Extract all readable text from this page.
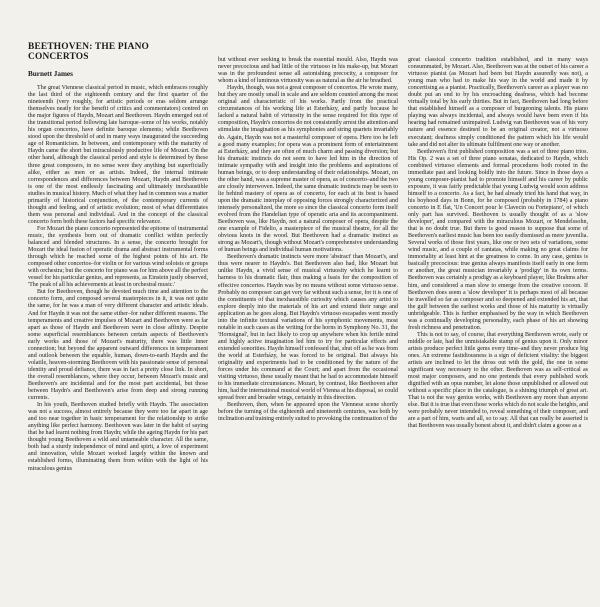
BEETHOVEN: THE PIANO CONCERTOS
Burnett James

The great Viennese classical period in music, which embraces roughly the last third of the eighteenth century and the first quarter of the nineteenth (very roughly, for artistic periods or eras seldom arrange themselves neatly for the benefit of critics and commentators) centred on the major figures of Haydn, Mozart and Beethoven. Haydn emerged out of the transitional period following late baroque–some of his works, notably his organ concertos, have definite baroque elements; while Beethoven stood upon the threshold of and in many ways inaugurated the succeeding age of Romanticism. In between, and contemporary with the maturity of Haydn came the short but miraculously productive life of Mozart. On the other hand, although the classical period and style is determined by these three great composers, in no sense were they anything but superficially alike, either as men or as artists. Indeed, the internal intimate correspondences and differences between Mozart, Haydn and Beethoven is one of the most endlessly fascinating and ultimately inexhaustible studies in musical history. Much of what they had in common was a matter primarily of historical conjunction, of the contemporary currents of thought and feeling, and of artistic evolution; most of what differentiates them was personal and individual. And in the concept of the classical concerto form both these factors had specific relevance.

For Mozart the piano concerto represented the epitome of instrumental music, the synthesis born out of dramatic conflict within perfectly balanced and blended structures. In a sense, the concerto brought for Mozart the ideal fusion of operatic drama and abstract instrumental forms through which he reached some of the highest points of his art. He composed other concertos–for violin or for various wind soloists or groups with orchestra; but the concerto for piano was for him above all the perfect vessel for his particular genius, and represents, as Einstein justly observed, 'The peak of all his achievements at least in orchestral music.'

But for Beethoven, though he devoted much time and attention to the concerto form, and composed several masterpieces in it, it was not quite the same, for he was a man of very different character and artistic ideals. And for Haydn it was not the same either–for rather different reasons. The temperaments and creative impulses of Mozart and Beethoven were as far apart as those of Haydn and Beethoven were in close affinity. Despite some superficial resemblances between certain aspects of Beethoven's early works and those of Mozart's maturity, there was little inner connection; but beyond the apparent outward differences in temperament and outlook between the equable, human, down-to-earth Haydn and the volatile, heaven-storming Beethoven with his passionate sense of personal identity and proud defiance, there was in fact a pretty close link. In short, the overall resemblances, where they occur, between Mozart's music and Beethoven's are incidental and for the most part accidental, but those between Haydn's and Beethoven's arise from deep and strong running currents.

In his youth, Beethoven studied briefly with Haydn. The association was not a success, almost entirely because they were too far apart in age and too near together in basic temperament for the relationship to strike anything like perfect harmony. Beethoven was later in the habit of saying that he had learnt nothing from Haydn; while the ageing Haydn for his part thought young Beethoven a wild and untameable character. All the same, both had a sturdy independence of mind and spirit, a love of experiment and innovation, while Mozart worked largely within the known and established forms, illuminating them from within with the light of his miraculous genius

but without ever seeking to break the essential mould. Also, Haydn was never precocious and had little of the virtuoso in his make-up, but Mozart was in the profoundest sense all astonishing precocity, a composer for whom a kind of luminous virtuosity was as natural as the air he breathed.

Haydn, though, was not a great composer of concertos. He wrote many, but they are mostly small in scale and are seldom counted among the most original and characteristic of his works. Partly from the practical circumstances of his working life at Esterházy, and partly because he lacked a natural habit of virtuosity in the sense required for this type of composition, Haydn's concertos do not consistently arrest the attention and stimulate the imagination as his symphonies and string quartets invariably do. Again, Haydn was not a masterful composer of opera. Here too he left a good many examples; for opera was a prominent form of entertainment at Esterházy, and they are often of much charm and passing diversion; but his dramatic instincts do not seem to have led him in the direction of intimate sympathy with and insight into the problems and aspirations of human beings, or to deep understanding of their relationships. Mozart, on the other hand, was a supreme master of opera, as of concerto–and the two are closely interwoven. Indeed, the same dramatic instincts may be seen to lie behind mastery of opera as of concerto, for each at its best is based upon the dramatic interplay of opposing forces strongly characterized and intensely personalized, the more so since the classical concerto form itself evolved from the Handelian type of operatic aria and its accompaniment. Beethoven was, like Haydn, not a natural composer of opera, despite the one example of Fidelio, a masterpiece of the musical theatre, for all the obvious knots in the wood. But Beethoven had a dramatic instinct as strong as Mozart's, though without Mozart's comprehensive understanding of human beings and individual human motivations.

Beethoven's dramatic instincts were more 'abstract' than Mozart's, and thus were nearer to Haydn's. But Beethoven also had, like Mozart but unlike Haydn, a vivid sense of musical virtuosity which he learnt to harness to his dramatic flair, thus making a basis for the composition of effective concertos. Haydn was by no means without some virtuoso sense. Probably no composer can get very far without such a sense, for it is one of the constituents of that inexhaustible curiosity which causes any artist to explore deeply into the materials of his art and extend their range and application as he goes along. But Haydn's virtuoso escapades went mostly into the infinite textural variations of his symphonic movements, most notable in such cases as the writing for the horns in Symphony No. 31, the 'Hornsignal', but in fact likely to crop up anywhere when his fertile mind and highly active imagination led him to try for particular effects and extended sonorities. Haydn himself confessed that, shut off as he was from the world at Esterházy, he was forced to be original. But always his originality and experiments had to be conditioned by the nature of the forces under his command at the Court; and apart from the occasional visiting virtuoso, these usually meant that he had to accommodate himself to his immediate circumstances. Mozart, by contrast, like Beethoven after him, had the international musical world of Vienna at his disposal, so could spread freer and broader wings, certainly in this direction.

Beethoven, then, when he appeared upon the Viennese scene shortly before the turning of the eighteenth and nineteenth centuries, was both by inclination and training entirely suited to provoking the continuation of the

great classical concerto tradition established, and in many ways consummated, by Mozart. Also, Beethoven was at the outset of his career a virtuoso pianist (as Mozart had been but Haydn assuredly was not), a young man who had to make his way in the world and made it by concertising as a pianist. Practically, Beethoven's career as a player was no doubt put an end to by his encroaching deafness, which had become virtually total by his early thirties. But in fact, Beethoven had long before that established himself as a composer of burgeoning talents. His piano playing was always incidental, and always would have been even if his hearing had remained unimpaired. Ludwig van Beethoven was of his very nature and essence destined to be an original creator, not a virtuoso executant; deafness simply conditioned the pattern which his life would take and did not alter its ultimate fulfilment one way or another.

Beethoven's first published composition was a set of three piano trios. His Op. 2 was a set of three piano sonatas, dedicated to Haydn, which combined virtuoso elements and formal procedures both rooted in the immediate past and looking boldly into the future. Since in those days a young composer-pianist had to promote himself and his career by public exposure, it was fairly predictable that young Ludwig would soon address himself to a concerto. As a fact, he had already tried his hand that way, in his boyhood days in Bonn, for he composed (probably in 1784) a piano concerto in E flat, 'Un Concert pour le Clavecin ou Fortepiano', of which only part has survived. Beethoven is usually thought of as a 'slow developer', and compared with the miraculous Mozart, or Mendelssohn, that is no doubt true. But there is good reason to suppose that some of Beethoven's earliest music has been too easily dismissed as mere juvenilia. Several works of those first years, like one or two sets of variations, some wind music, and a couple of cantatas, while making no great claims for immortality at least hint at the greatness to come. In any case, genius is basically precocious: true genius always manifests itself early in one form or another, the great musician invariably a 'prodigy' in its own terms. Beethoven was certainly a prodigy as a keyboard player, like Brahms after him, and considered a man slow to emerge from the creative cocoon. If Beethoven does seem a 'slow developer' it is perhaps most of all because he travelled so far as composer and so deepened and extended his art, that the gulf between the earliest works and those of his maturity is virtually unbridgeable. This is further emphasised by the way in which Beethoven was a continually developing personality, each phase of his art showing fresh richness and penetration.

This is not to say, of course, that everything Beethoven wrote, early or middle or late, had the unmistakable stamp of genius upon it. Only minor artists produce perfect little gems every time–and they never produce big ones. An extreme fastidiousness is a sign of deficient vitality: the biggest artists are inclined to let the dross out with the gold, the one in some significant way necessary to the other. Beethoven was as self-critical as most major composers, and no one pretends that every published work dignified with an opus number, let alone those unpublished or allowed out without a specific place in the catalogue, is a shining triumph of great art. That is not the way genius works, with Beethoven any more than anyone else. But it is true that even those works which do not scale the heights, and were probably never intended to, reveal something of their composer, and are a part of him, warts and all, so to say. All that can really be asserted is that Beethoven was usually honest about it, and didn't claim a goose as a
